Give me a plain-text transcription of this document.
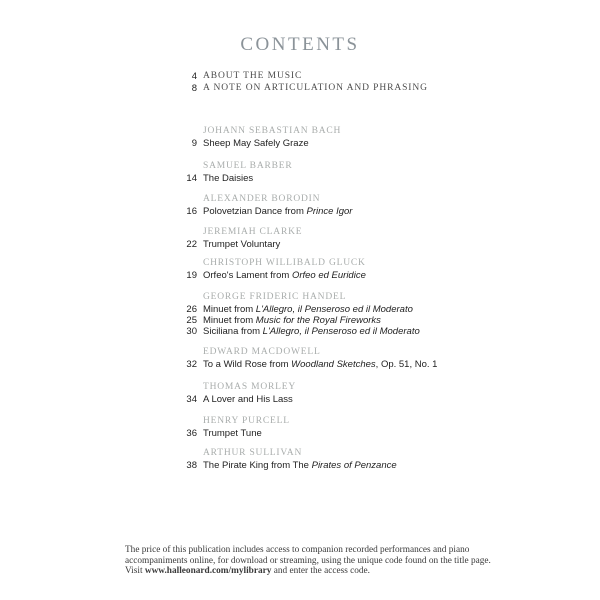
CONTENTS
4 ABOUT THE MUSIC
8 A NOTE ON ARTICULATION AND PHRASING
JOHANN SEBASTIAN BACH
9 Sheep May Safely Graze
SAMUEL BARBER
14 The Daisies
ALEXANDER BORODIN
16 Polovetzian Dance from Prince Igor
JEREMIAH CLARKE
22 Trumpet Voluntary
CHRISTOPH WILLIBALD GLUCK
19 Orfeo's Lament from Orfeo ed Euridice
GEORGE FRIDERIC HANDEL
26 Minuet from L'Allegro, il Penseroso ed il Moderato
25 Minuet from Music for the Royal Fireworks
30 Siciliana from L'Allegro, il Penseroso ed il Moderato
EDWARD MACDOWELL
32 To a Wild Rose from Woodland Sketches, Op. 51, No. 1
THOMAS MORLEY
34 A Lover and His Lass
HENRY PURCELL
36 Trumpet Tune
ARTHUR SULLIVAN
38 The Pirate King from The Pirates of Penzance
The price of this publication includes access to companion recorded performances and piano
accompaniments online, for download or streaming, using the unique code found on the title page.
Visit www.halleonard.com/mylibrary and enter the access code.
